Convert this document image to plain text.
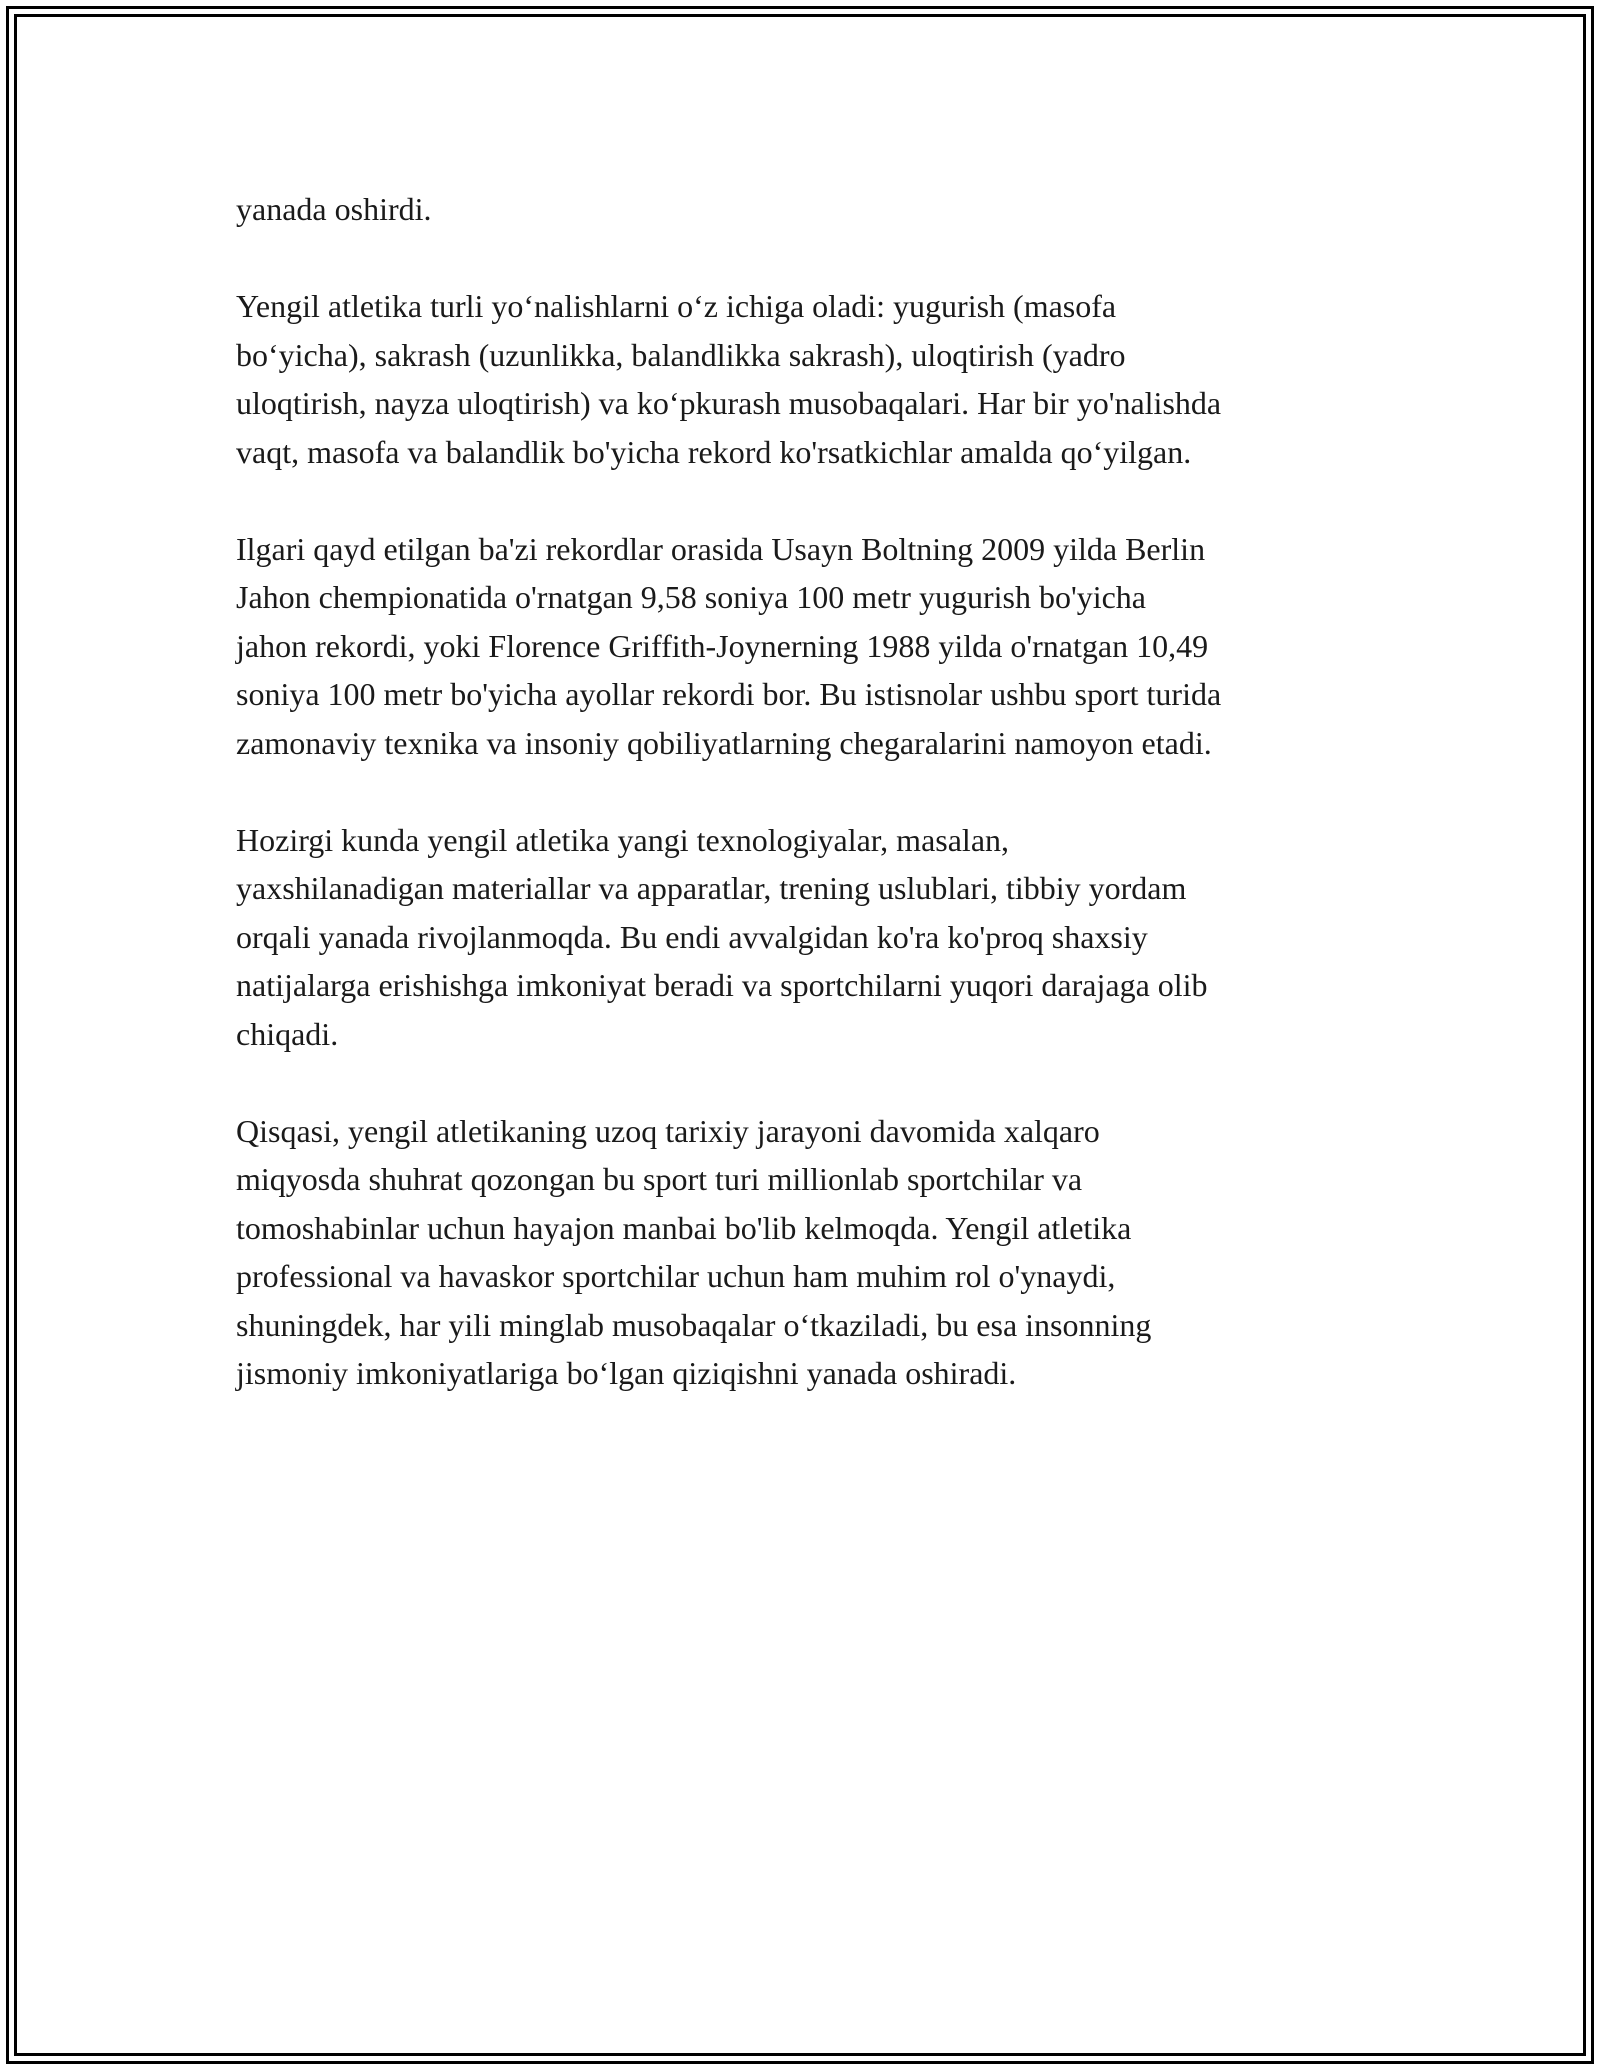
yanada oshirdi.

Yengil atletika turli yo‘nalishlarni o‘z ichiga oladi: yugurish (masofa
bo‘yicha), sakrash (uzunlikka, balandlikka sakrash), uloqtirish (yadro
uloqtirish, nayza uloqtirish) va ko‘pkurash musobaqalari. Har bir yo'nalishda
vaqt, masofa va balandlik bo'yicha rekord ko'rsatkichlar amalda qo‘yilgan.

Ilgari qayd etilgan ba'zi rekordlar orasida Usayn Boltning 2009 yilda Berlin
Jahon chempionatida o'rnatgan 9,58 soniya 100 metr yugurish bo'yicha
jahon rekordi, yoki Florence Griffith-Joynerning 1988 yilda o'rnatgan 10,49
soniya 100 metr bo'yicha ayollar rekordi bor. Bu istisnolar ushbu sport turida
zamonaviy texnika va insoniy qobiliyatlarning chegaralarini namoyon etadi.

Hozirgi kunda yengil atletika yangi texnologiyalar, masalan,
yaxshilanadigan materiallar va apparatlar, trening uslublari, tibbiy yordam
orqali yanada rivojlanmoqda. Bu endi avvalgidan ko'ra ko'proq shaxsiy
natijalarga erishishga imkoniyat beradi va sportchilarni yuqori darajaga olib
chiqadi.

Qisqasi, yengil atletikaning uzoq tarixiy jarayoni davomida xalqaro
miqyosda shuhrat qozongan bu sport turi millionlab sportchilar va
tomoshabinlar uchun hayajon manbai bo'lib kelmoqda. Yengil atletika
professional va havaskor sportchilar uchun ham muhim rol o'ynaydi,
shuningdek, har yili minglab musobaqalar o‘tkaziladi, bu esa insonning
jismoniy imkoniyatlariga bo‘lgan qiziqishni yanada oshiradi.
